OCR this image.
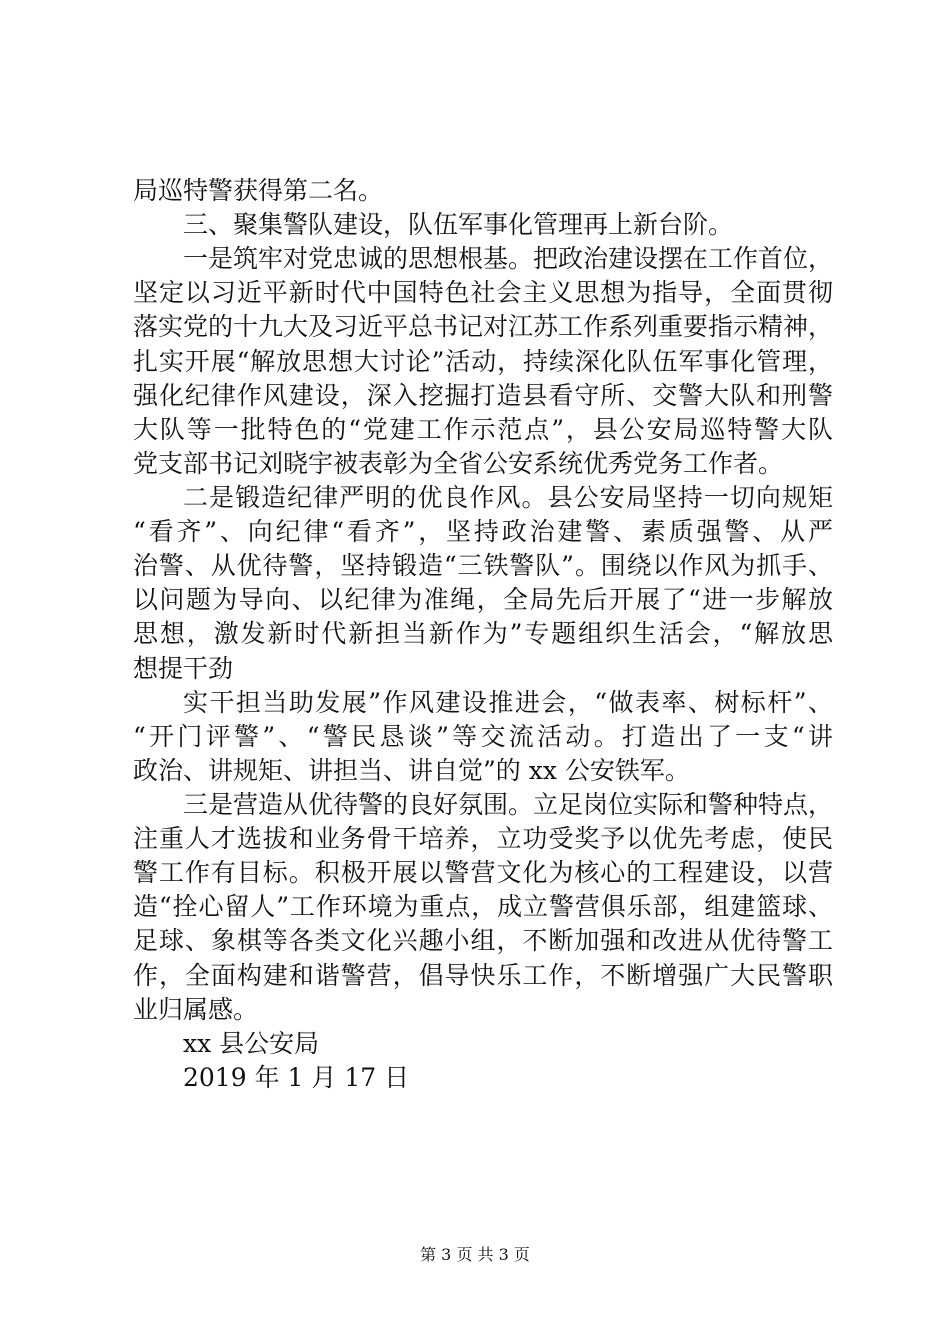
局巡特警获得第二名。
三、聚集警队建设，队伍军事化管理再上新台阶。
一是筑牢对党忠诚的思想根基。把政治建设摆在工作首位，
坚定以习近平新时代中国特色社会主义思想为指导，全面贯彻
落实党的十九大及习近平总书记对江苏工作系列重要指示精神，
扎实开展“解放思想大讨论”活动，持续深化队伍军事化管理，
强化纪律作风建设，深入挖掘打造县看守所、交警大队和刑警
大队等一批特色的“党建工作示范点”，县公安局巡特警大队
党支部书记刘晓宇被表彰为全省公安系统优秀党务工作者。
二是锻造纪律严明的优良作风。县公安局坚持一切向规矩
“看齐”、向纪律“看齐”，坚持政治建警、素质强警、从严
治警、从优待警，坚持锻造“三铁警队”。围绕以作风为抓手、
以问题为导向、以纪律为准绳，全局先后开展了“进一步解放
思想，激发新时代新担当新作为”专题组织生活会，“解放思
想提干劲
实干担当助发展”作风建设推进会，“做表率、树标杆”、
“开门评警”、“警民恳谈”等交流活动。打造出了一支“讲
政治、讲规矩、讲担当、讲自觉”的 xx 公安铁军。
三是营造从优待警的良好氛围。立足岗位实际和警种特点，
注重人才选拔和业务骨干培养，立功受奖予以优先考虑，使民
警工作有目标。积极开展以警营文化为核心的工程建设，以营
造“拴心留人”工作环境为重点，成立警营俱乐部，组建篮球、
足球、象棋等各类文化兴趣小组，不断加强和改进从优待警工
作，全面构建和谐警营，倡导快乐工作，不断增强广大民警职
业归属感。
xx 县公安局
2019 年 1 月 17 日
第 3 页 共 3 页
